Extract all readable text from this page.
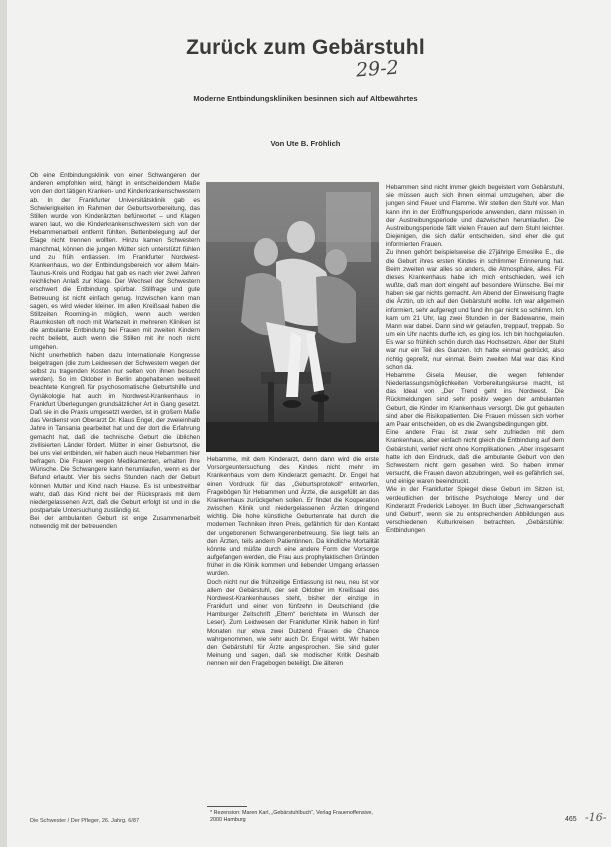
Zurück zum Gebärstuhl
29-2
Moderne Entbindungskliniken besinnen sich auf Altbewährtes
Von Ute B. Fröhlich

Ob eine Entbindungsklinik von einer Schwangeren der anderen empfohlen wird, hängt in entscheidendem Maße von den dort tätigen Kranken- und Kinderkrankenschwestern ab. In der Frankfurter Universitätsklinik gab es Schwierigkeiten im Rahmen der Geburtsvorbereitung, das Stillen wurde von Kinderärzten befürwortet – und Klagen waren laut, wo die Kinderkrankenschwestern sich von der Hebammenarbeit entfernt fühlten. Bettenbelegung auf der Etage nicht trennen wollten. Hinzu kamen Schwestern manchmal, können die jungen Mütter sich unterstützt fühlen und zu früh entlassen. Im Frankfurter Nordwest-Krankenhaus, wo der Entbindungsbereich vor allem Main-Taunus-Kreis und Rodgau hat gab es nach vier zwei Jahren reichlichen Anlaß zur Klage. Der Wechsel der Schwestern erschwert die Entbindung spürbar. Stillfrage und gute Betreuung ist nicht einfach genug. Inzwischen kann man sagen, es wird wieder kleiner. Im allen Kreißsaal haben die Stillzeiten Rooming-in möglich, wenn auch werden Raumkosten oft noch mit Wartezeit in mehreren Kliniken ist die ambulante Entbindung bei Frauen mit zweiten Kindern recht beliebt, auch wenn die Stillen mit ihr noch nicht umgehen.

Nicht unerheblich haben dazu Internationale Kongresse beigetragen (die zum Leidwesen der Schwestern wegen der selbst zu tragenden Kosten nur selten von ihnen besucht werden). So im Oktober in Berlin abgehaltenen weltweit beachtete Kongreß für psychosomatische Geburtshilfe und Gynäkologie hat auch im Nordwest-Krankenhaus in Frankfurt Überlegungen grundsätzlicher Art in Gang gesetzt. Daß sie in die Praxis umgesetzt werden, ist in großem Maße das Verdienst von Oberarzt Dr. Klaus Engel, der zweieinhalb Jahre in Tansania gearbeitet hat und der dort die Erfahrung gemacht hat, daß die technische Geburt die üblichen zivilisierten Länder fördert. Mütter in einer Geburtsnot, die bei uns viel entbinden, wir haben auch neue Hebammen hier befragen. Die Frauen wegen Medikamenten, erhalten ihre Wünsche. Die Schwangere kann herumlaufen, wenn es der Befund erlaubt. Vier bis sechs Stunden nach der Geburt können Mutter und Kind nach Hause. Es ist unbestreitbar wahr, daß das Kind nicht bei der Rückspraxis mit dem niedergelassenen Arzt, daß die Geburt erfolgt ist und in die postpartale Untersuchung zuständig ist.

Bei der ambulanten Geburt ist enge Zusammenarbeit notwendig mit der betreuenden

Hebamme, mit dem Kinderarzt, denn dann wird die erste Vorsorgeuntersuchung des Kindes nicht mehr im Krankenhaus vom dem Kinderarzt gemacht. Dr. Engel hat einen Vordruck für das „Geburtsprotokoll“ entworfen, Fragebögen für Hebammen und Ärzte, die ausgefüllt an das Krankenhaus zurückgehen sollen. Er findet die Kooperation zwischen Klinik und niedergelassenen Ärzten dringend wichtig. Die hohe künstliche Geburtenrate hat durch die modernen Techniken ihren Preis, gefährlich für den Kontakt der ungeborenen Schwangerenbetreuung. Sie liegt teils an den Ärzten, teils andern Patientinnen. Da kindliche Mortalität könnte und müßte durch eine andere Form der Vorsorge aufgefangen werden, die Frau aus prophylaktischen Gründen früher in die Klinik kommen und liebender Umgang erlassen wurden.

Doch nicht nur die frühzeitige Entlassung ist neu, neu ist vor allem der Gebärstuhl, der seit Oktober im Kreißsaal des Nordwest-Krankenhauses steht, bisher der einzige in Frankfurt und einer von fünfzehn in Deutschland (die Hamburger Zeitschrift „Eltern“ berichtete im Wunsch der Leser). Zum Leidwesen der Frankfurter Klinik haben in fünf Monaten nur etwa zwei Dutzend Frauen die Chance wahrgenommen, wie sehr auch Dr. Engel wirbt. Wir haben den Gebärstuhl für Ärzte angesprochen. Sie sind guter Meinung und sagen, daß sie modischer Kritik Deshalb nennen wir den Fragebogen beteiligt. Die älteren

* Rezension: Maren Karl, „Gebärstuhlbuch“, Verlag Frauenoffensive, 2000 Hamburg

Hebammen sind nicht immer gleich begeistert vom Gebärstuhl, sie müssen auch sich ihnen einmal umzugehen, aber die jungen sind Feuer und Flamme. Wir stellen den Stuhl vor. Man kann ihn in der Eröffnungsperiode anwenden, dann müssen in der Austreibungsperiode und dazwischen herumlaufen. Die Austreibungsperiode fällt vielen Frauen auf dem Stuhl leichter. Diejenigen, die sich dafür entscheiden, sind eher die gut informierten Frauen.

Zu ihnen gehört beispielsweise die 27jährige Emeslike E., die die Geburt ihres ersten Kindes in schlimmer Erinnerung hat. Beim zweiten war alles so anders, die Atmosphäre, alles. Für dieses Krankenhaus habe ich mich entschieden, weil ich wußte, daß man dort eingeht auf besondere Wünsche. Bei mir haben sie gar nichts gemacht. Am Abend der Einweisung fragte die Ärztin, ob ich auf den Gebärstuhl wollte. Ich war allgemein informiert, sehr aufgeregt und fand ihn gar nicht so schlimm. Ich kam um 21 Uhr, lag zwei Stunden in der Badewanne, mein Mann war dabei. Dann sind wir gelaufen, treppauf, treppab. So um ein Uhr nachts durfte ich, es ging los. Ich bin hochgelaufen. Es war so frühlich schön durch das Hochsetzen. Aber der Stuhl war nur ein Teil des Ganzen. Ich hatte einmal gedrückt, also richtig gepreßt, nur einmal. Beim zweiten Mal war das Kind schon da.

Hebamme Gisela Meuser, die wegen fehlender Niederlassungsmöglichkeiten Vorbereitungskurse macht, ist das Ideal von „Der Trend geht ins Nordwest. Die Rückmeldungen sind sehr positiv wegen der ambulanten Geburt, die Kinder im Krankenhaus versorgt. Die gut gebauten sind aber die Risikopatienten. Die Frauen müssen sich vorher am Paar entscheiden, ob es die Zwangsbedingungen gibt.

Eine andere Frau ist zwar sehr zufrieden mit dem Krankenhaus, aber einfach nicht gleich die Entbindung auf dem Gebärstuhl, verlief nicht ohne Komplikationen. „Aber insgesamt hatte ich den Eindruck, daß die ambulante Geburt von den Schwestern nicht gern gesehen wird. So haben immer versucht, die Frauen davon abzubringen, weil es gefährlich sei, und einige waren beeindruckt.

Wie in der Frankfurter Spiegel diese Geburt im Sitzen ist, verdeutlichen der britische Psychologe Mercy und der Kinderarzt Frederick Leboyer. Im Buch über „Schwangerschaft und Geburt“, wenn sie zu entsprechenden Abbildungen aus verschiedenen Kulturkreisen betrachten. „Gebärstühle: Entbindungen

Die Schwester / Der Pfleger, 26. Jahrg. 6/87	465 -16-
